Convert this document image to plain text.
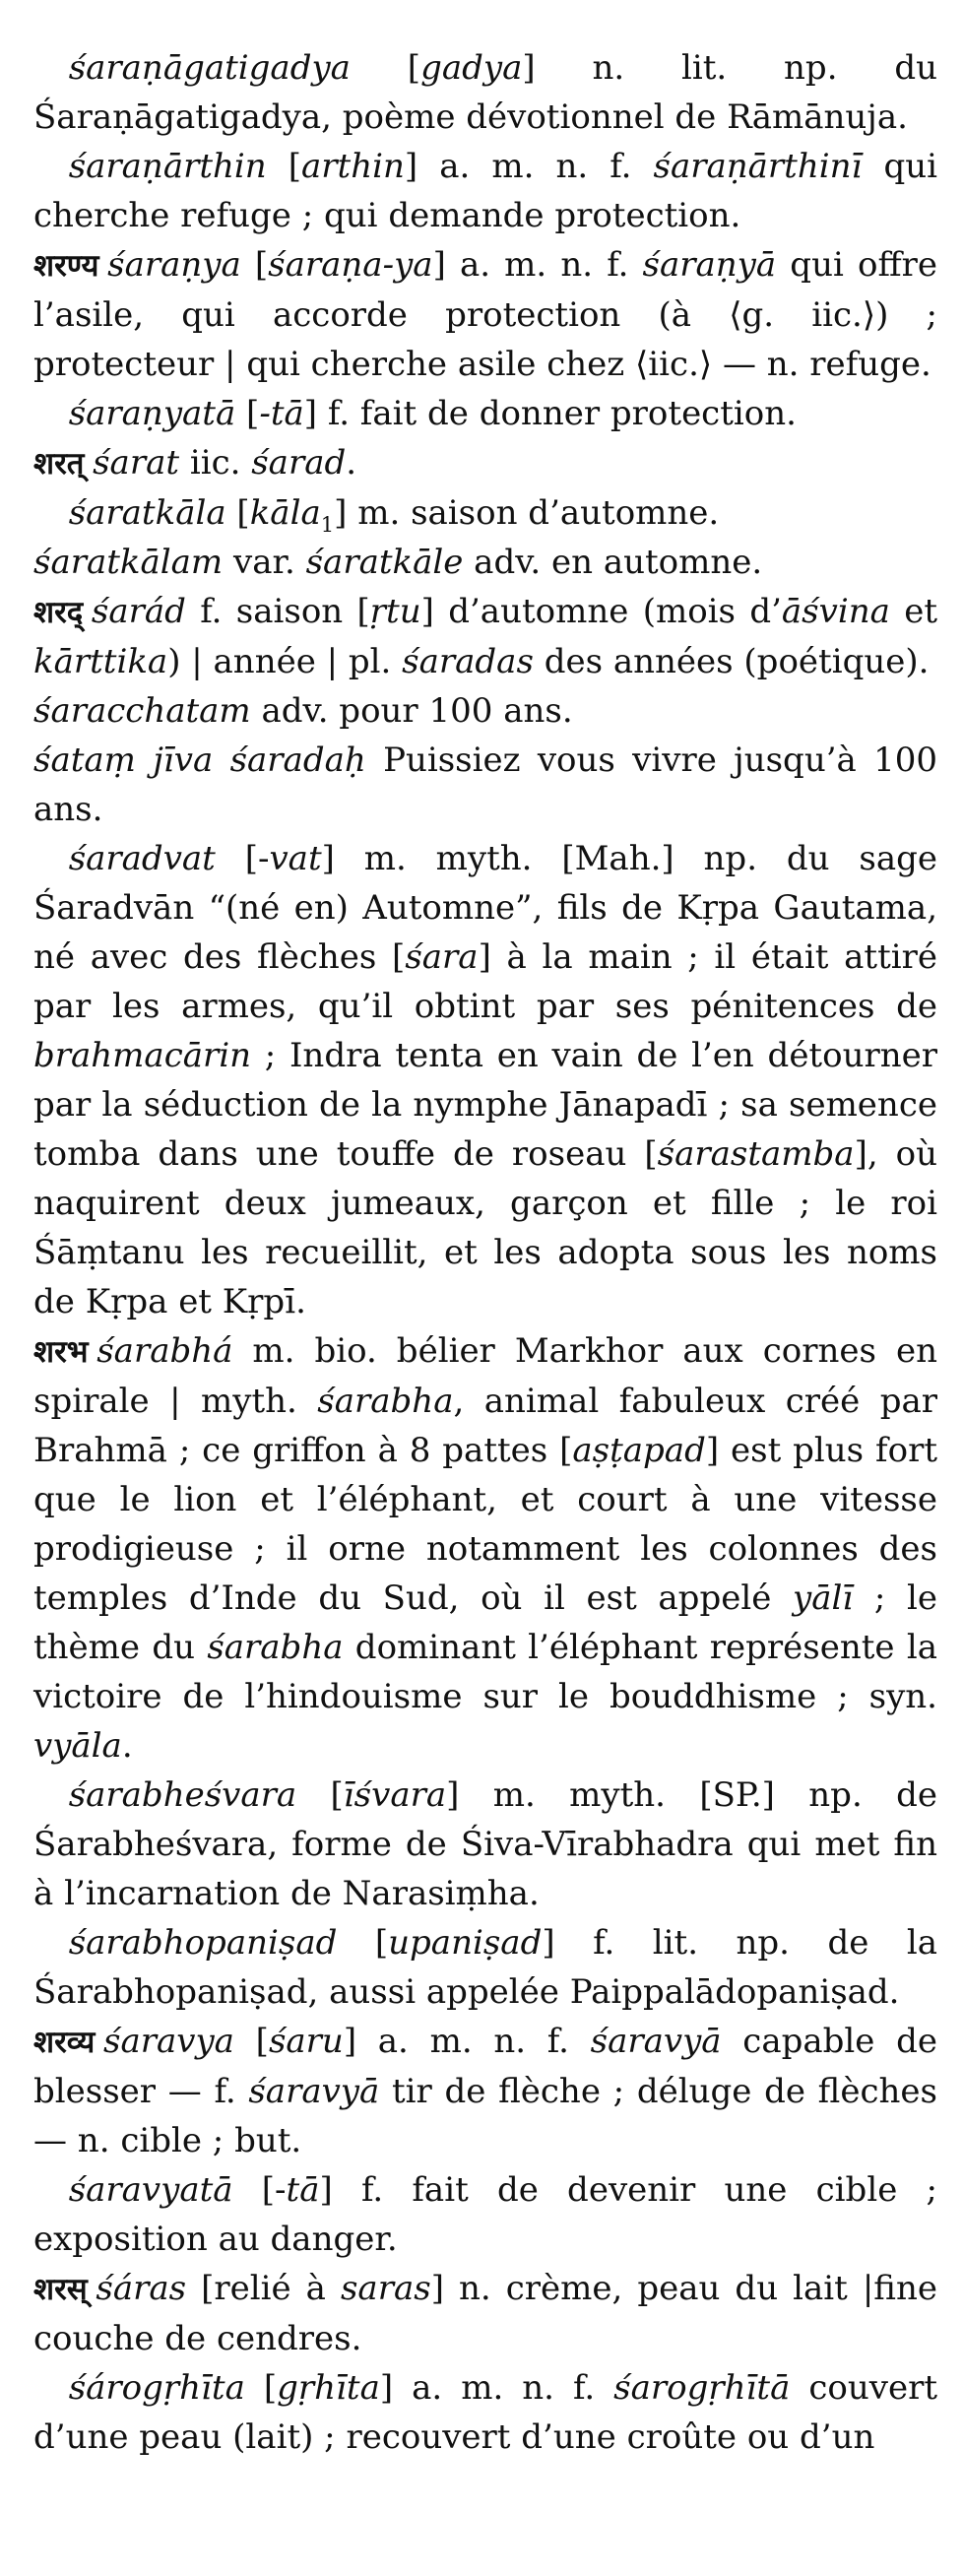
śaraṇāgatigadya [gadya] n. lit. np. du Śaraṇāgatigadya, poème dévotionnel de Rāmānuja.

śaraṇārthin [arthin] a. m. n. f. śaraṇārthinī qui cherche refuge ; qui demande protection.

शरण्य śaraṇya [śaraṇa-ya] a. m. n. f. śaraṇyā qui offre l’asile, qui accorde protection (à ⟨g. iic.⟩) ; protecteur | qui cherche asile chez ⟨iic.⟩ — n. refuge.

śaraṇyatā [-tā] f. fait de donner protection.

शरत् śarat iic. śarad.

śaratkāla [kāla$_1$] m. saison d’automne.

śaratkālam var. śaratkāle adv. en automne.

शरद् śarád f. saison [ṛtu] d’automne (mois d’āśvina et kārttika) | année | pl. śaradas des années (poétique).

śaracchatam adv. pour 100 ans.

śataṃ jīva śaradaḥ Puissiez vous vivre jusqu’à 100 ans.

śaradvat [-vat] m. myth. [Mah.] np. du sage Śaradvān “(né en) Automne”, fils de Kṛpa Gautama, né avec des flèches [śara] à la main ; il était attiré par les armes, qu’il obtint par ses pénitences de brahmacārin ; Indra tenta en vain de l’en détourner par la séduction de la nymphe Jānapadī ; sa semence tomba dans une touffe de roseau [śarastamba], où naquirent deux jumeaux, garçon et fille ; le roi Śāṃtanu les recueillit, et les adopta sous les noms de Kṛpa et Kṛpī.

शरभ śarabhá m. bio. bélier Markhor aux cornes en spirale | myth. śarabha, animal fabuleux créé par Brahmā ; ce griffon à 8 pattes [aṣṭapad] est plus fort que le lion et l’éléphant, et court à une vitesse prodigieuse ; il orne notamment les colonnes des temples d’Inde du Sud, où il est appelé yālī ; le thème du śarabha dominant l’éléphant représente la victoire de l’hindouisme sur le bouddhisme ; syn. vyāla.

śarabheśvara [īśvara] m. myth. [SP.] np. de Śarabheśvara, forme de Śiva-Vīrabhadra qui met fin à l’incarnation de Narasiṃha.

śarabhopaniṣad [upaniṣad] f. lit. np. de la Śarabhopaniṣad, aussi appelée Paippalādopaniṣad.

शरव्य śaravya [śaru] a. m. n. f. śaravyā capable de blesser — f. śaravyā tir de flèche ; déluge de flèches — n. cible ; but.

śaravyatā [-tā] f. fait de devenir une cible ; exposition au danger.

शरस् śáras [relié à saras] n. crème, peau du lait |fine couche de cendres.

śárogṛhīta [gṛhīta] a. m. n. f. śarogṛhītā couvert d’une peau (lait) ; recouvert d’une croûte ou d’un
